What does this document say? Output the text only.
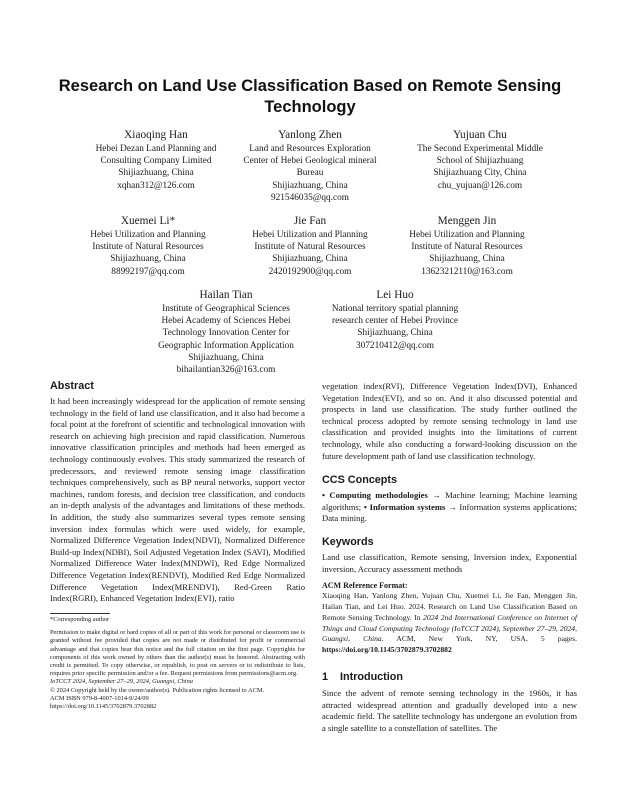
Research on Land Use Classification Based on Remote Sensing Technology
Xiaoqing Han
Hebei Dezan Land Planning and
Consulting Company Limited
Shijiazhuang, China
xqhan312@126.com
Yanlong Zhen
Land and Resources Exploration
Center of Hebei Geological mineral
Bureau
Shijiazhuang, China
921546035@qq.com
Yujuan Chu
The Second Experimental Middle
School of Shijiazhuang
Shijiazhuang City, China
chu_yujuan@126.com
Xuemei Li*
Hebei Utilization and Planning
Institute of Natural Resources
Shijiazhuang, China
88992197@qq.com
Jie Fan
Hebei Utilization and Planning
Institute of Natural Resources
Shijiazhuang, China
2420192900@qq.com
Menggen Jin
Hebei Utilization and Planning
Institute of Natural Resources
Shijiazhuang, China
13623212110@163.com
Hailan Tian
Institute of Geographical Sciences
Hebei Academy of Sciences Hebei
Technology Innovation Center for
Geographic Information Application
Shijiazhuang, China
bihailantian326@163.com
Lei Huo
National territory spatial planning
research center of Hebei Province
Shijiazhuang, China
307210412@qq.com
Abstract

It had been increasingly widespread for the application of remote sensing technology in the field of land use classification, and it also had become a focal point at the forefront of scientific and technological innovation with research on achieving high precision and rapid classification. Numerous innovative classification principles and methods had been emerged as technology continuously evolves. This study summarized the research of predecessors, and reviewed remote sensing image classification techniques comprehensively, such as BP neural networks, support vector machines, random forests, and decision tree classification, and conducts an in-depth analysis of the advantages and limitations of these methods. In addition, the study also summarizes several types remote sensing inversion index formulas which were used widely, for example, Normalized Difference Vegetation Index(NDVI), Normalized Difference Build-up Index(NDBI), Soil Adjusted Vegetation Index (SAVI), Modified Normalized Difference Water Index(MNDWI), Red Edge Normalized Difference Vegetation Index(RENDVI), Modified Red Edge Normalized Difference Vegetation Index(MRENDVI), Red-Green Ratio Index(RGRI), Enhanced Vegetation Index(EVI), ratio

*Corresponding author

Permission to make digital or hard copies of all or part of this work for personal or classroom use is granted without fee provided that copies are not made or distributed for profit or commercial advantage and that copies bear this notice and the full citation on the first page. Copyrights for components of this work owned by others than the author(s) must be honored. Abstracting with credit is permitted. To copy otherwise, or republish, to post on servers or to redistribute to lists, requires prior specific permission and/or a fee. Request permissions from permissions@acm.org.

IoTCCT 2024, September 27–29, 2024, Guangxi, China

© 2024 Copyright held by the owner/author(s). Publication rights licensed to ACM.

ACM ISBN 979-8-4007-1014-9/24/09

https://doi.org/10.1145/3702879.3702882

vegetation index(RVI), Difference Vegetation Index(DVI), Enhanced Vegetation Index(EVI), and so on. And it also discussed potential and prospects in land use classification. The study further outlined the technical process adopted by remote sensing technology in land use classification and provided insights into the limitations of current technology, while also conducting a forward-looking discussion on the future development path of land use classification technology.

CCS Concepts

• Computing methodologies → Machine learning; Machine learning algorithms; • Information systems → Information systems applications; Data mining.

Keywords

Land use classification, Remote sensing, Inversion index, Exponential inversion, Accuracy assessment methods

ACM Reference Format:

Xiaoqing Han, Yanlong Zhen, Yujuan Chu, Xuemei Li, Jie Fan, Menggen Jin, Hailan Tian, and Lei Huo. 2024. Research on Land Use Classification Based on Remote Sensing Technology. In 2024 2nd International Conference on Internet of Things and Cloud Computing Technology (IoTCCT 2024), September 27–29, 2024, Guangxi, China. ACM, New York, NY, USA, 5 pages. https://doi.org/10.1145/3702879.3702882

1 Introduction

Since the advent of remote sensing technology in the 1960s, it has attracted widespread attention and gradually developed into a new academic field. The satellite technology has undergone an evolution from a single satellite to a constellation of satellites. The
